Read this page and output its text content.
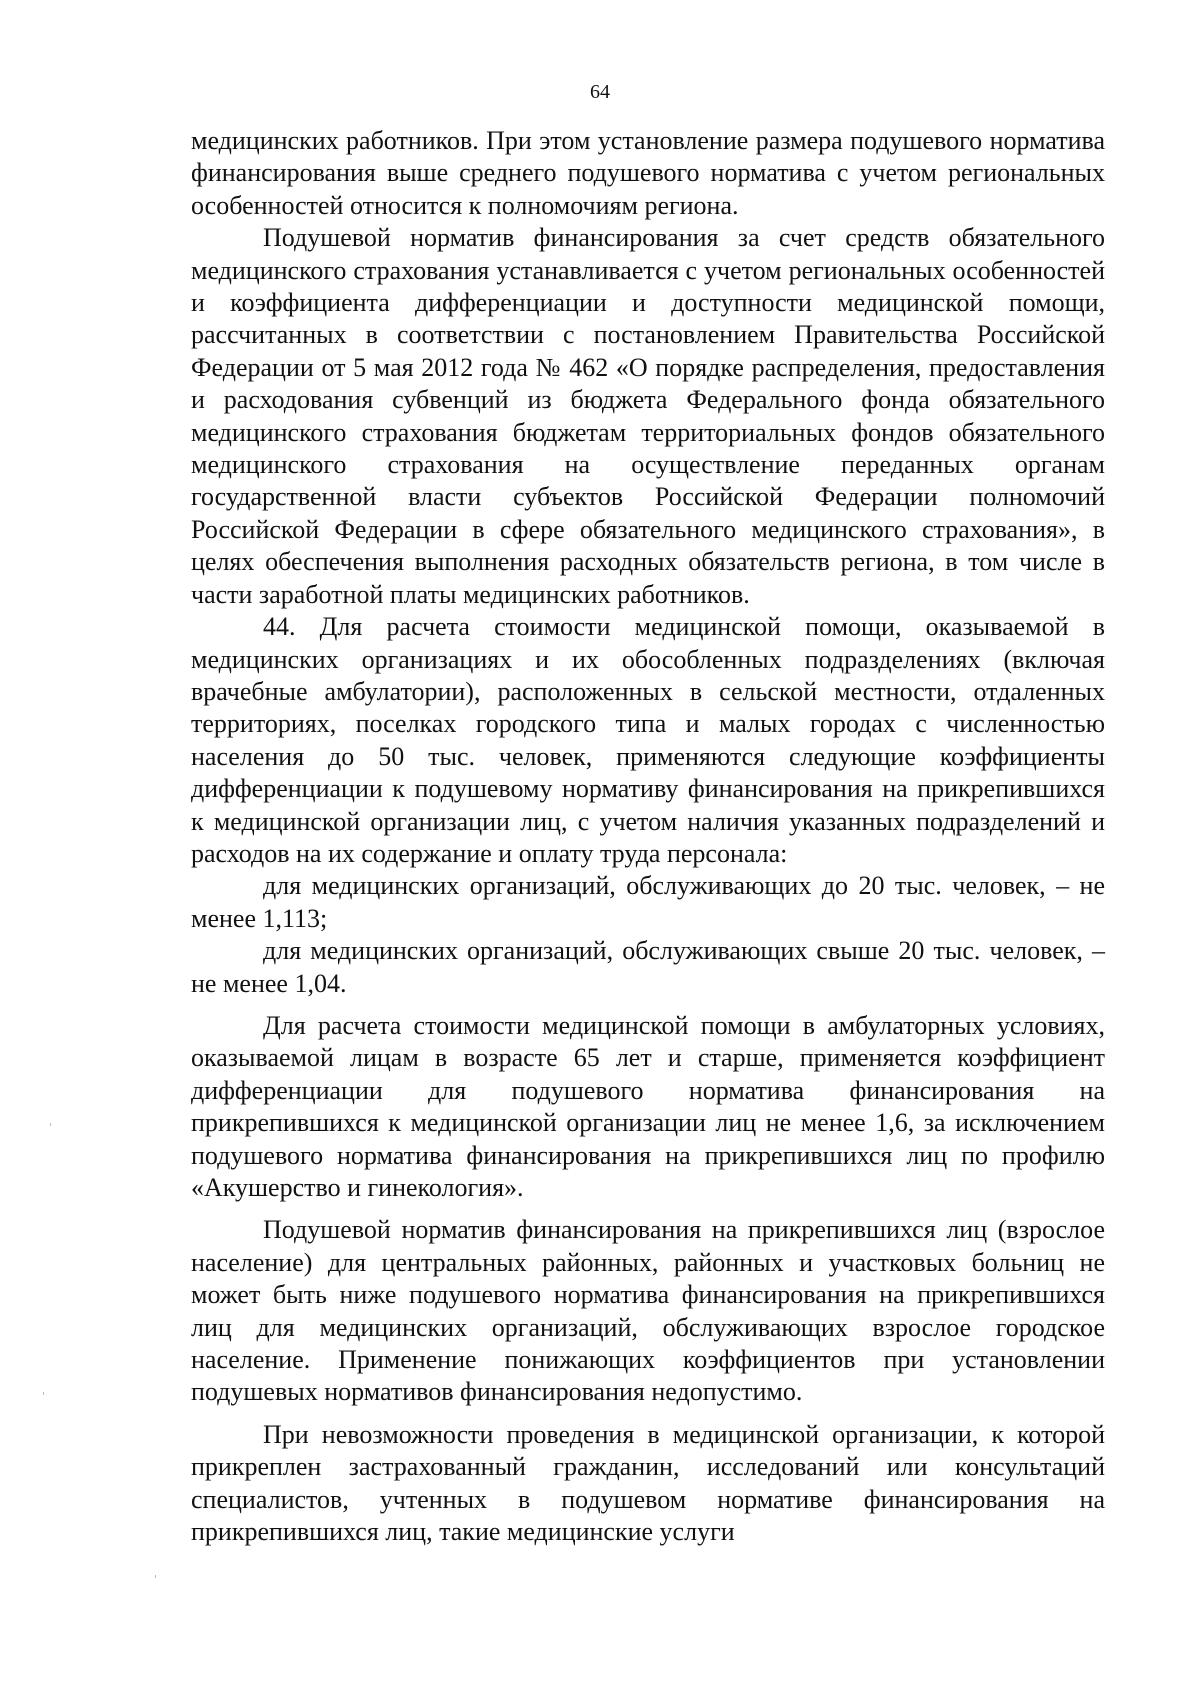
64

медицинских работников. При этом установление размера подушевого норматива финансирования выше среднего подушевого норматива с учетом региональных особенностей относится к полномочиям региона.

Подушевой норматив финансирования за счет средств обязательного медицинского страхования устанавливается с учетом региональных особенностей и коэффициента дифференциации и доступности медицинской помощи, рассчитанных в соответствии с постановлением Правительства Российской Федерации от 5 мая 2012 года № 462 «О порядке распределения, предоставления и расходования субвенций из бюджета Федерального фонда обязательного медицинского страхования бюджетам территориальных фондов обязательного медицинского страхования на осуществление переданных органам государственной власти субъектов Российской Федерации полномочий Российской Федерации в сфере обязательного медицинского страхования», в целях обеспечения выполнения расходных обязательств региона, в том числе в части заработной платы медицинских работников.

44. Для расчета стоимости медицинской помощи, оказываемой в медицинских организациях и их обособленных подразделениях (включая врачебные амбулатории), расположенных в сельской местности, отдаленных территориях, поселках городского типа и малых городах с численностью населения до 50 тыс. человек, применяются следующие коэффициенты дифференциации к подушевому нормативу финансирования на прикрепившихся к медицинской организации лиц, с учетом наличия указанных подразделений и расходов на их содержание и оплату труда персонала:

для медицинских организаций, обслуживающих до 20 тыс. человек, – не менее 1,113;

для медицинских организаций, обслуживающих свыше 20 тыс. человек, – не менее 1,04.

Для расчета стоимости медицинской помощи в амбулаторных условиях, оказываемой лицам в возрасте 65 лет и старше, применяется коэффициент дифференциации для подушевого норматива финансирования на прикрепившихся к медицинской организации лиц не менее 1,6, за исключением подушевого норматива финансирования на прикрепившихся лиц по профилю «Акушерство и гинекология».

Подушевой норматив финансирования на прикрепившихся лиц (взрослое население) для центральных районных, районных и участковых больниц не может быть ниже подушевого норматива финансирования на прикрепившихся лиц для медицинских организаций, обслуживающих взрослое городское население. Применение понижающих коэффициентов при установлении подушевых нормативов финансирования недопустимо.

При невозможности проведения в медицинской организации, к которой прикреплен застрахованный гражданин, исследований или консультаций специалистов, учтенных в подушевом нормативе финансирования на прикрепившихся лиц, такие медицинские услуги
